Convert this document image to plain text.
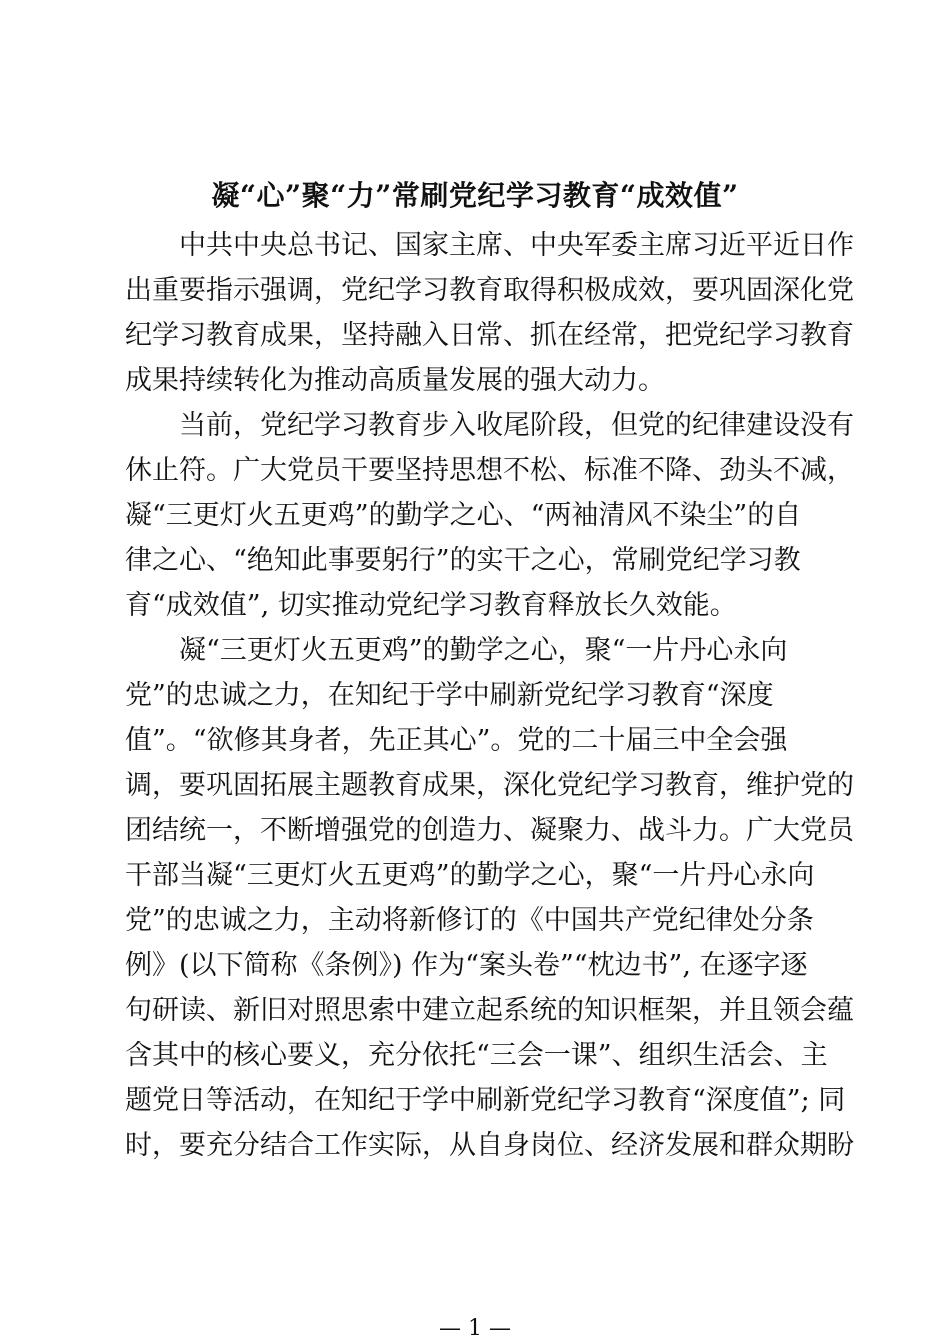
凝“心”聚“力”常刷党纪学习教育“成效值”
中共中央总书记、国家主席、中央军委主席习近平近日作
出重要指示强调，党纪学习教育取得积极成效，要巩固深化党
纪学习教育成果，坚持融入日常、抓在经常，把党纪学习教育
成果持续转化为推动高质量发展的强大动力。
当前，党纪学习教育步入收尾阶段，但党的纪律建设没有
休止符。广大党员干要坚持思想不松、标准不降、劲头不减，
凝“三更灯火五更鸡”的勤学之心、“两袖清风不染尘”的自
律之心、“绝知此事要躬行”的实干之心，常刷党纪学习教
育“成效值”, 切实推动党纪学习教育释放长久效能。
凝“三更灯火五更鸡”的勤学之心，聚“一片丹心永向
党”的忠诚之力，在知纪于学中刷新党纪学习教育“深度
值”。“欲修其身者，先正其心”。党的二十届三中全会强
调，要巩固拓展主题教育成果，深化党纪学习教育，维护党的
团结统一，不断增强党的创造力、凝聚力、战斗力。广大党员
干部当凝“三更灯火五更鸡”的勤学之心，聚“一片丹心永向
党”的忠诚之力，主动将新修订的《中国共产党纪律处分条
例》(以下简称《条例》) 作为“案头卷”“枕边书”, 在逐字逐
句研读、新旧对照思索中建立起系统的知识框架，并且领会蕴
含其中的核心要义，充分依托“三会一课”、组织生活会、主
题党日等活动，在知纪于学中刷新党纪学习教育“深度值”; 同
时，要充分结合工作实际，从自身岗位、经济发展和群众期盼
— 1 —
